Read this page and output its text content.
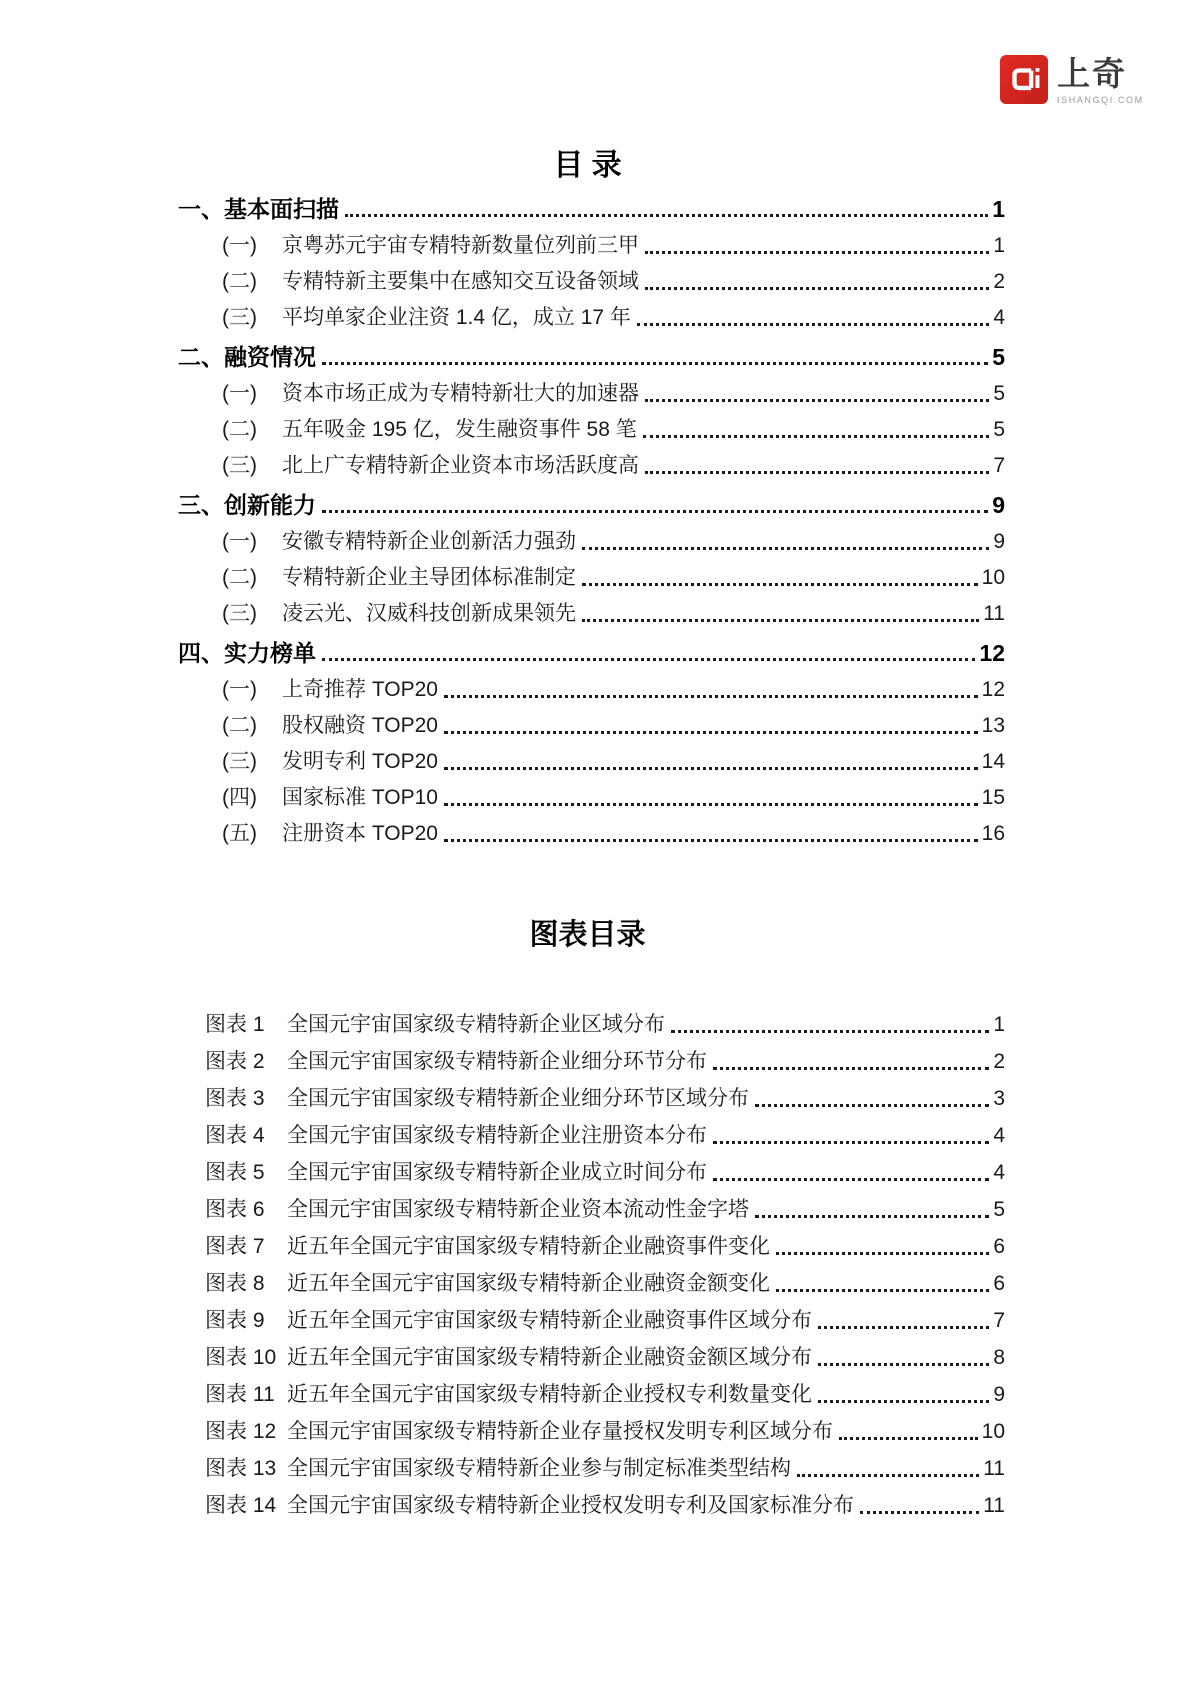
上奇
ISHANGQI.COM
目 录
一、基本面扫描	1
(一)	京粤苏元宇宙专精特新数量位列前三甲	1
(二)	专精特新主要集中在感知交互设备领域	2
(三)	平均单家企业注资 1.4 亿，成立 17 年	4
二、融资情况	5
(一)	资本市场正成为专精特新壮大的加速器	5
(二)	五年吸金 195 亿，发生融资事件 58 笔	5
(三)	北上广专精特新企业资本市场活跃度高	7
三、创新能力	9
(一)	安徽专精特新企业创新活力强劲	9
(二)	专精特新企业主导团体标准制定	10
(三)	凌云光、汉威科技创新成果领先	11
四、实力榜单	12
(一)	上奇推荐 TOP20	12
(二)	股权融资 TOP20	13
(三)	发明专利 TOP20	14
(四)	国家标准 TOP10	15
(五)	注册资本 TOP20	16
图表目录
图表 1	全国元宇宙国家级专精特新企业区域分布	1
图表 2	全国元宇宙国家级专精特新企业细分环节分布	2
图表 3	全国元宇宙国家级专精特新企业细分环节区域分布	3
图表 4	全国元宇宙国家级专精特新企业注册资本分布	4
图表 5	全国元宇宙国家级专精特新企业成立时间分布	4
图表 6	全国元宇宙国家级专精特新企业资本流动性金字塔	5
图表 7	近五年全国元宇宙国家级专精特新企业融资事件变化	6
图表 8	近五年全国元宇宙国家级专精特新企业融资金额变化	6
图表 9	近五年全国元宇宙国家级专精特新企业融资事件区域分布	7
图表 10 近五年全国元宇宙国家级专精特新企业融资金额区域分布	8
图表 11 近五年全国元宇宙国家级专精特新企业授权专利数量变化	9
图表 12 全国元宇宙国家级专精特新企业存量授权发明专利区域分布	10
图表 13 全国元宇宙国家级专精特新企业参与制定标准类型结构	11
图表 14 全国元宇宙国家级专精特新企业授权发明专利及国家标准分布	11
